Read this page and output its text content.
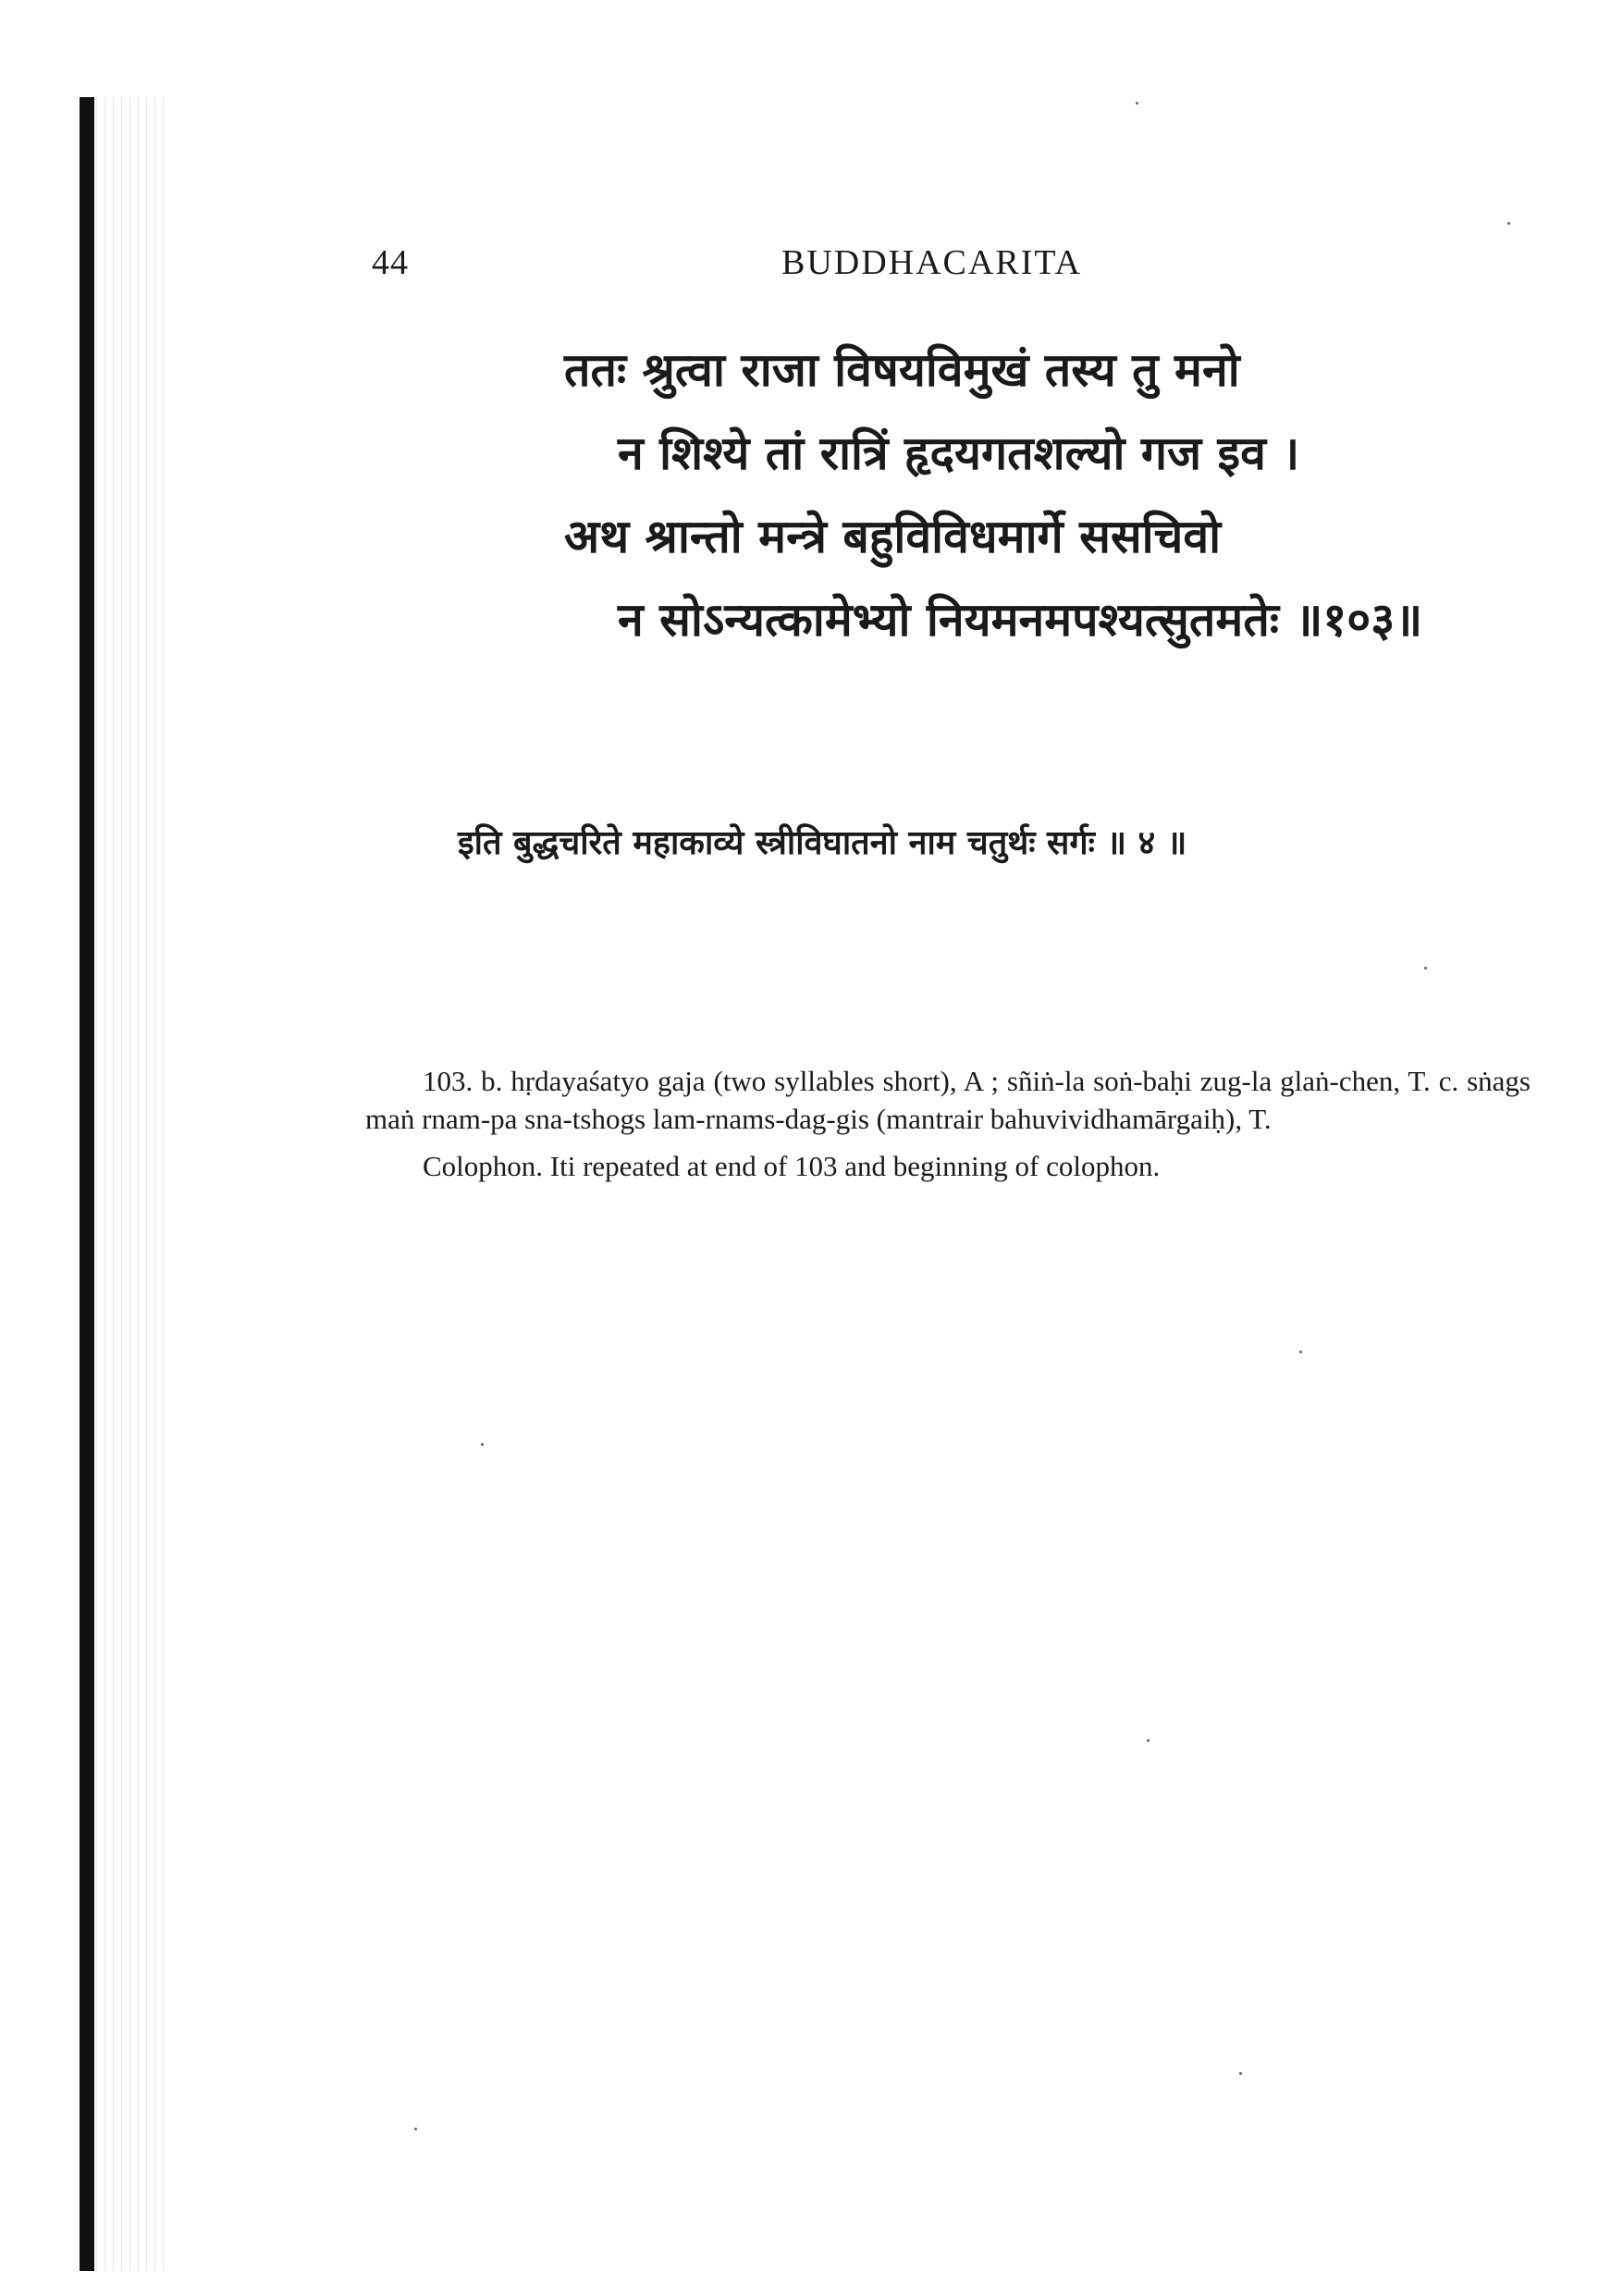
44	BUDDHACARITA
ततः श्रुत्वा राजा विषयविमुखं तस्य तु मनो
न शिश्ये तां रात्रिं हृदयगतशल्यो गज इव ।
अथ श्रान्तो मन्त्रे बहुविविधमार्गे ससचिवो
न सोऽन्यत्कामेभ्यो नियमनमपश्यत्सुतमतेः ॥१०३॥
इति बुद्धचरिते महाकाव्ये स्त्रीविघातनो नाम चतुर्थः सर्गः ॥ ४ ॥

103. b. hṛdayaśatyo gaja (two syllables short), A ; sñiṅ-la soṅ-baḥi zug-la glaṅ-chen, T. c. sṅags maṅ rnam-pa sna-tshogs lam-rnams-dag-gis (mantrair bahuvividhamārgaiḥ), T.

Colophon. Iti repeated at end of 103 and beginning of colophon.
